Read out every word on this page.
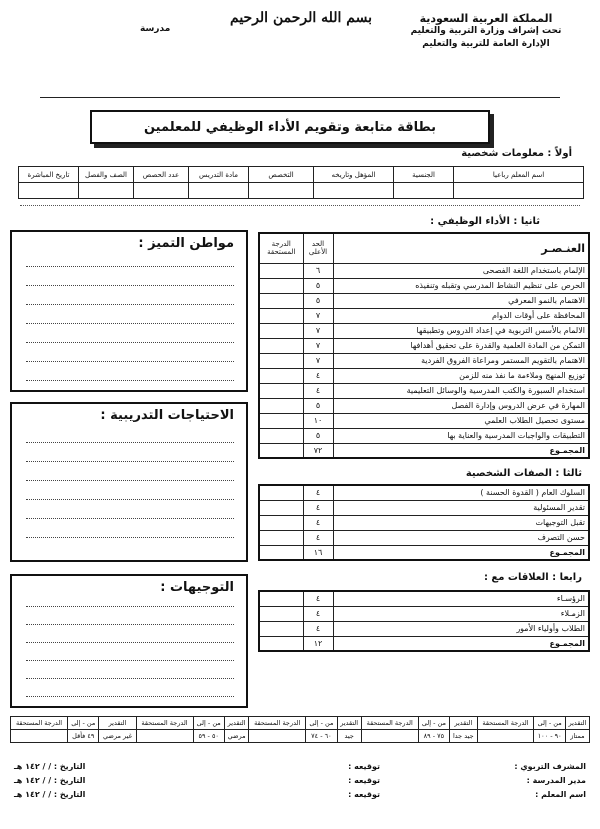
المملكة العربية السعودية
تحت إشراف وزارة التربية والتعليم
الإدارة العامة للتربية والتعليم
بسم الله الرحمن الرحيم
مدرسة
بطاقة متابعة وتقويم الأداء الوظيفي للمعلمين
أولاً : معلومات شخصية
اسم المعلم رباعيا	الجنسية	المؤهل وتاريخه	التخصص	مادة التدريس	عدد الحصص	الصف والفصل	تاريخ المباشرة

ثانيا : الأداء الوظيفي :
العنـصـر	الحد الأعلى	الدرجة المستحقة
الإلمام باستخدام اللغة الفصحى	٦	
الحرص على تنظيم النشاط المدرسي وتقبله وتنفيذه	٥	
الاهتمام بالنمو المعرفي	٥	
المحافظة على أوقات الدوام	٧	
الالمام بالأسس التربوية في إعداد الدروس وتطبيقها	٧	
التمكن من المادة العلمية والقدرة على تحقيق أهدافها	٧	
الاهتمام بالتقويم المستمر ومراعاة الفروق الفردية	٧	
توزيع المنهج وملاءمة ما نفذ منه للزمن	٤	
استخدام السبورة والكتب المدرسية والوسائل التعليمية	٤	
المهارة في عرض الدروس وإدارة الفصل	٥	
مستوى تحصيل الطلاب العلمي	١٠	
التطبيقات والواجبات المدرسية والعناية بها	٥	
المجمـوع	٧٢	
ثالثا : الصفات الشخصية
السلوك العام ( القدوة الحسنة )	٤	
تقدير المسئولية	٤	
تقبل التوجيهات	٤	
حسن التصرف	٤	
المجمـوع	١٦	
رابعا : العلاقات مع :
الرؤسـاء	٤	
الزمـلاء	٤	
الطلاب وأولياء الأمور	٤	
المجمـوع	١٢	
مواطن التميز :
الاحتياجات التدريبية :
التوجيهات :
التقدير	من - إلى	الدرجة المستحقة	التقدير	من - إلى	الدرجة المستحقة	التقدير	من - إلى	الدرجة المستحقة	التقدير	من - إلى	الدرجة المستحقة	التقدير	من - إلى	الدرجة المستحقة
ممتاز	٩٠ - ١٠٠		جيد جدا	٧٥ - ٨٩		جيد	٦٠ - ٧٤		مرضي	٥٠ - ٥٩		غير مرضي	٤٩ فأقل	
المشرف التربوي :
توقيعه :
التاريخ : / / ١٤٢ هـ
مدير المدرسة :
توقيعه :
التاريخ : / / ١٤٢ هـ
اسم المعلم :
توقيعه :
التاريخ : / / ١٤٢ هـ
